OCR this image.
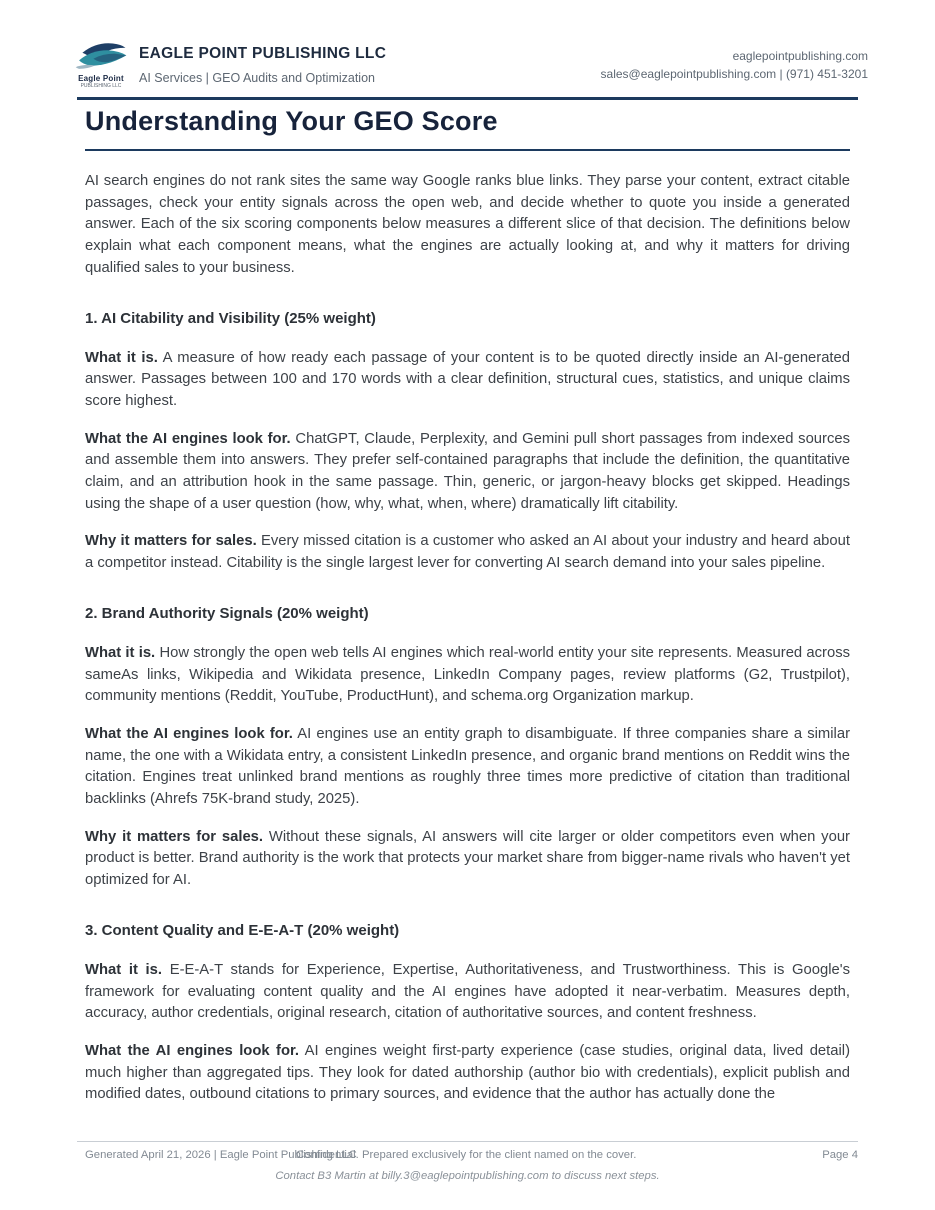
Eagle Point
PUBLISHING LLC
EAGLE POINT PUBLISHING LLC
AI Services | GEO Audits and Optimization
eaglepointpublishing.com
sales@eaglepointpublishing.com | (971) 451-3201
Understanding Your GEO Score

AI search engines do not rank sites the same way Google ranks blue links. They parse your content, extract citable passages, check your entity signals across the open web, and decide whether to quote you inside a generated answer. Each of the six scoring components below measures a different slice of that decision. The definitions below explain what each component means, what the engines are actually looking at, and why it matters for driving qualified sales to your business.

1. AI Citability and Visibility (25% weight)

What it is. A measure of how ready each passage of your content is to be quoted directly inside an AI-generated answer. Passages between 100 and 170 words with a clear definition, structural cues, statistics, and unique claims score highest.

What the AI engines look for. ChatGPT, Claude, Perplexity, and Gemini pull short passages from indexed sources and assemble them into answers. They prefer self-contained paragraphs that include the definition, the quantitative claim, and an attribution hook in the same passage. Thin, generic, or jargon-heavy blocks get skipped. Headings using the shape of a user question (how, why, what, when, where) dramatically lift citability.

Why it matters for sales. Every missed citation is a customer who asked an AI about your industry and heard about a competitor instead. Citability is the single largest lever for converting AI search demand into your sales pipeline.

2. Brand Authority Signals (20% weight)

What it is. How strongly the open web tells AI engines which real-world entity your site represents. Measured across sameAs links, Wikipedia and Wikidata presence, LinkedIn Company pages, review platforms (G2, Trustpilot), community mentions (Reddit, YouTube, ProductHunt), and schema.org Organization markup.

What the AI engines look for. AI engines use an entity graph to disambiguate. If three companies share a similar name, the one with a Wikidata entry, a consistent LinkedIn presence, and organic brand mentions on Reddit wins the citation. Engines treat unlinked brand mentions as roughly three times more predictive of citation than traditional backlinks (Ahrefs 75K-brand study, 2025).

Why it matters for sales. Without these signals, AI answers will cite larger or older competitors even when your product is better. Brand authority is the work that protects your market share from bigger-name rivals who haven't yet optimized for AI.

3. Content Quality and E-E-A-T (20% weight)

What it is. E-E-A-T stands for Experience, Expertise, Authoritativeness, and Trustworthiness. This is Google's framework for evaluating content quality and the AI engines have adopted it near-verbatim. Measures depth, accuracy, author credentials, original research, citation of authoritative sources, and content freshness.

What the AI engines look for. AI engines weight first-party experience (case studies, original data, lived detail) much higher than aggregated tips. They look for dated authorship (author bio with credentials), explicit publish and modified dates, outbound citations to primary sources, and evidence that the author has actually done the

Generated April 21, 2026 | Eagle Point Publishing LLC
Confidential. Prepared exclusively for the client named on the cover.	Page 4
Contact B3 Martin at billy.3@eaglepointpublishing.com to discuss next steps.
